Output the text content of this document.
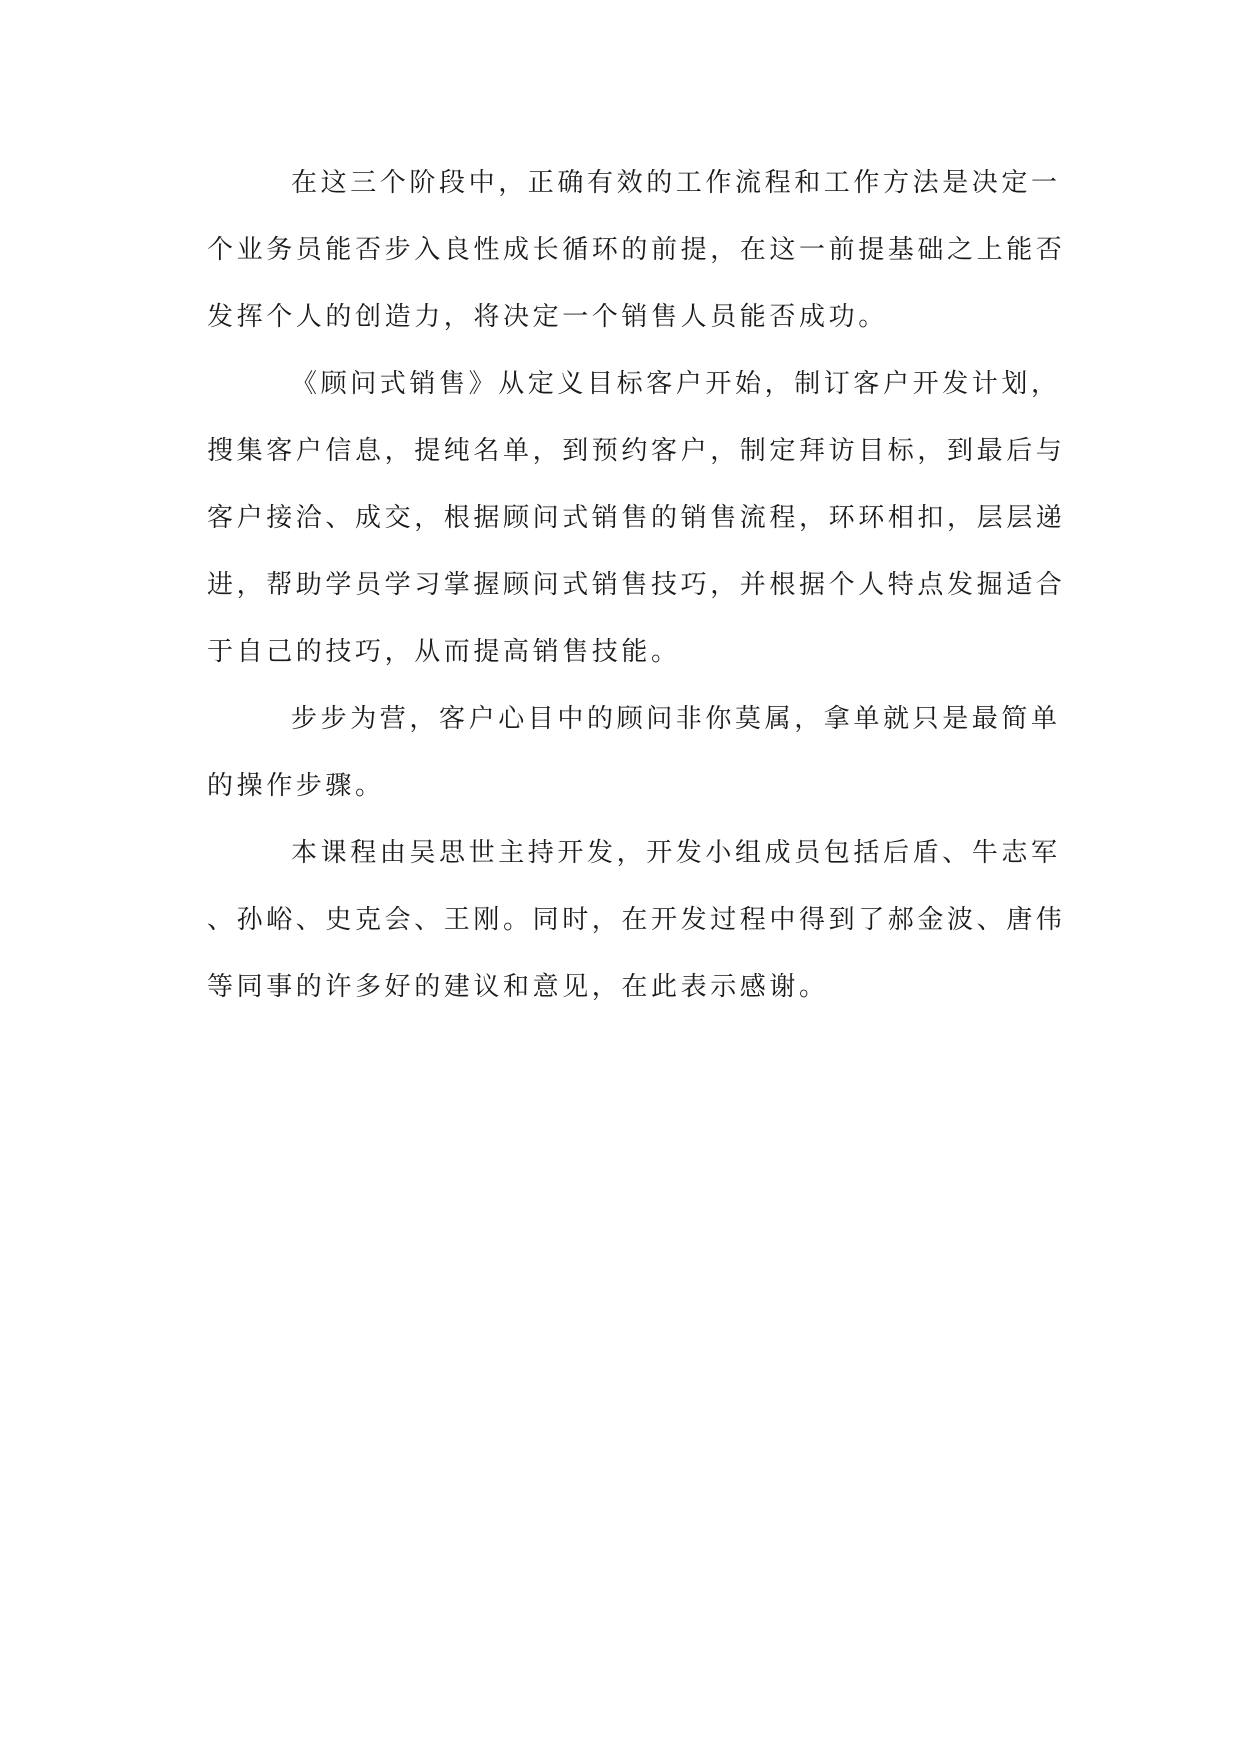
在这三个阶段中，正确有效的工作流程和工作方法是决定一
个业务员能否步入良性成长循环的前提，在这一前提基础之上能否
发挥个人的创造力，将决定一个销售人员能否成功。

《顾问式销售》从定义目标客户开始，制订客户开发计划，
搜集客户信息，提纯名单，到预约客户，制定拜访目标，到最后与
客户接洽、成交，根据顾问式销售的销售流程，环环相扣，层层递
进，帮助学员学习掌握顾问式销售技巧，并根据个人特点发掘适合
于自己的技巧，从而提高销售技能。

步步为营，客户心目中的顾问非你莫属，拿单就只是最简单
的操作步骤。

本课程由吴思世主持开发，开发小组成员包括后盾、牛志军
、孙峪、史克会、王刚。同时，在开发过程中得到了郝金波、唐伟
等同事的许多好的建议和意见，在此表示感谢。
